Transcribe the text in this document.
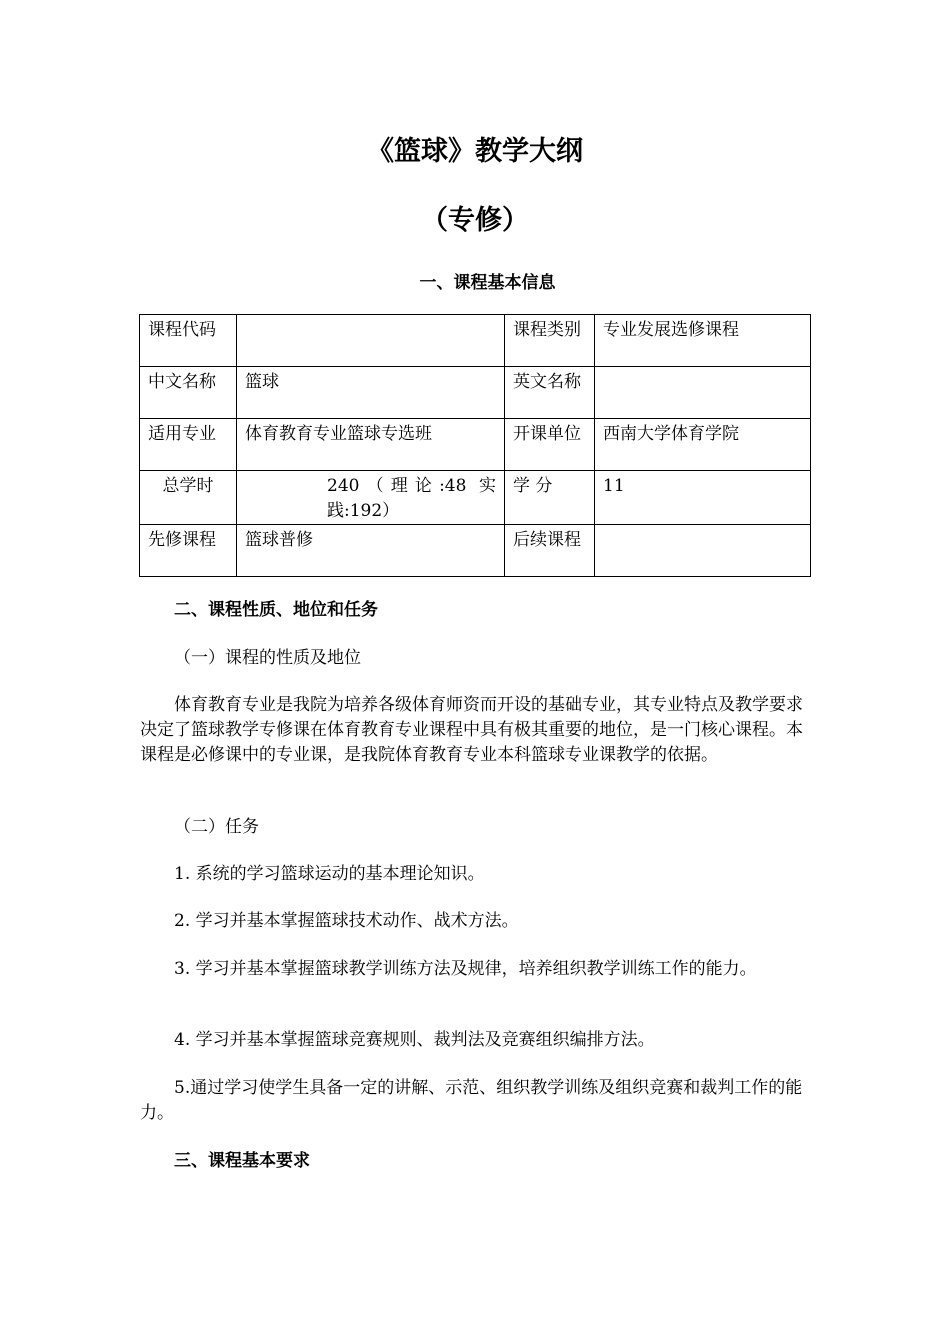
《篮球》教学大纲
（专修）
一、课程基本信息
课程代码		课程类别	专业发展选修课程
中文名称	篮球	英文名称	
适用专业	体育教育专业篮球专选班	开课单位	西南大学体育学院
总学时	240（理论:48 实践:192）	学 分	11
先修课程	篮球普修	后续课程	
二、课程性质、地位和任务
（一）课程的性质及地位
体育教育专业是我院为培养各级体育师资而开设的基础专业，其专业特点及教学要求决定了篮球教学专修课在体育教育专业课程中具有极其重要的地位，是一门核心课程。本课程是必修课中的专业课，是我院体育教育专业本科篮球专业课教学的依据。
（二）任务
1. 系统的学习篮球运动的基本理论知识。
2. 学习并基本掌握篮球技术动作、战术方法。
3. 学习并基本掌握篮球教学训练方法及规律，培养组织教学训练工作的能力。
4. 学习并基本掌握篮球竞赛规则、裁判法及竞赛组织编排方法。
5.通过学习使学生具备一定的讲解、示范、组织教学训练及组织竞赛和裁判工作的能力。
三、课程基本要求
